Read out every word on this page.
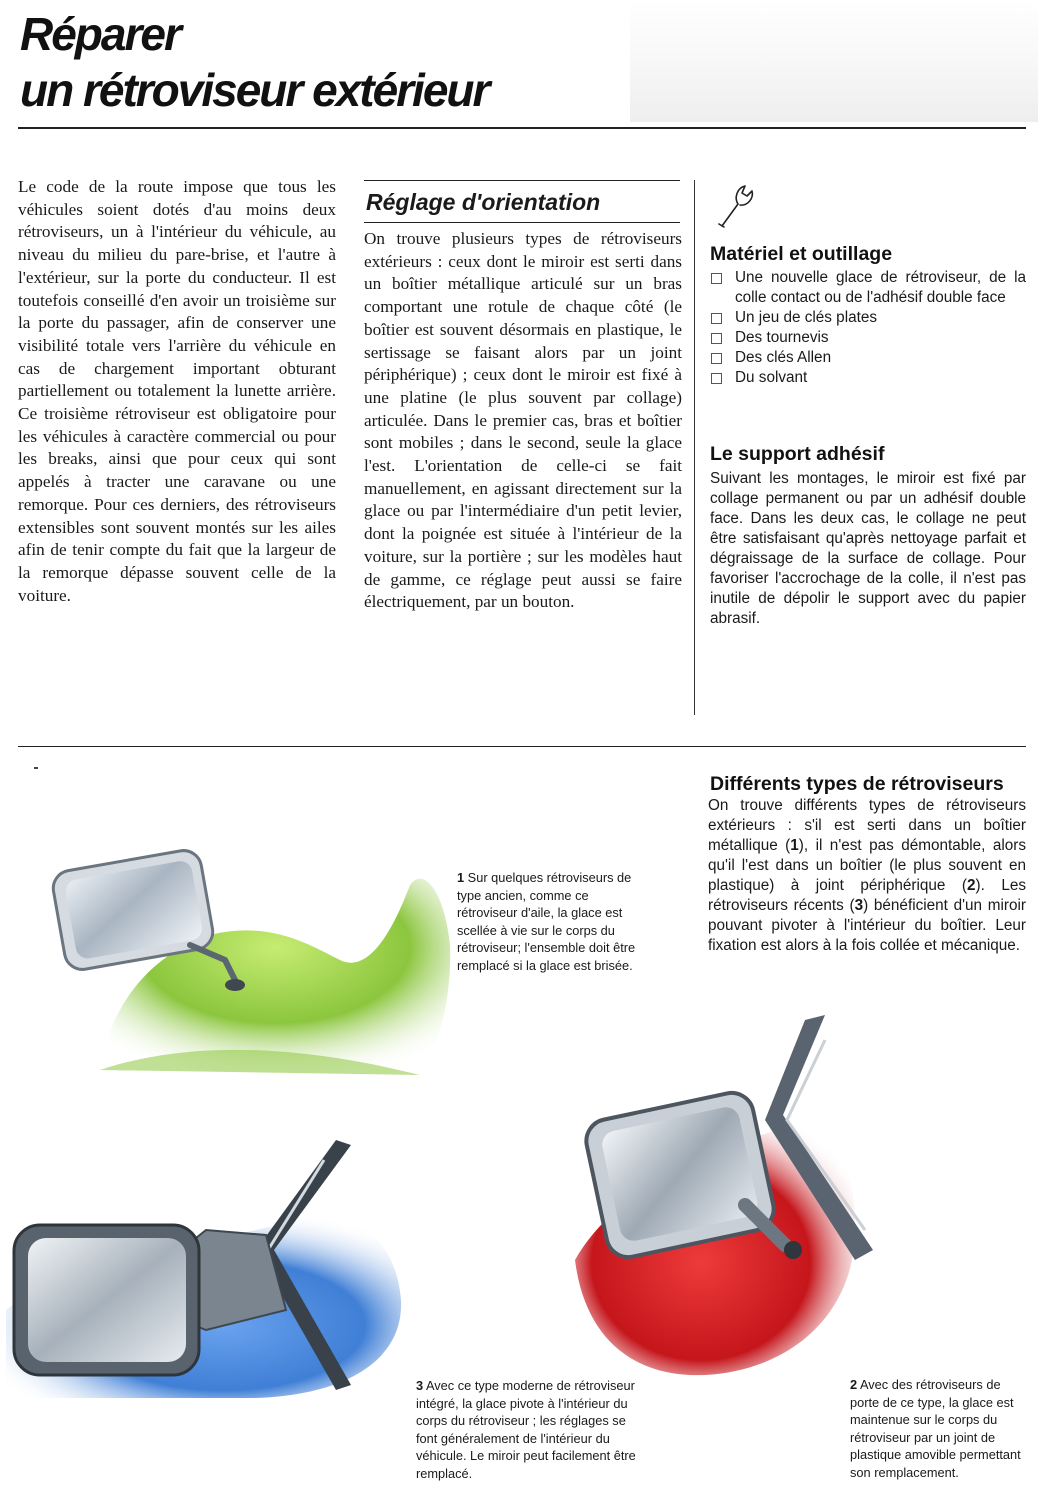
Réparer
un rétroviseur extérieur

Le code de la route impose que tous les véhicules soient dotés d'au moins deux rétroviseurs, un à l'intérieur du véhicule, au niveau du milieu du pare-brise, et l'autre à l'extérieur, sur la porte du conducteur. Il est toutefois conseillé d'en avoir un troisième sur la porte du passager, afin de conserver une visibilité totale vers l'arrière du véhicule en cas de chargement important obturant partiellement ou totalement la lunette arrière. Ce troisième rétroviseur est obligatoire pour les véhicules à caractère commercial ou pour les breaks, ainsi que pour ceux qui sont appelés à tracter une caravane ou une remorque. Pour ces derniers, des rétroviseurs extensibles sont souvent montés sur les ailes afin de tenir compte du fait que la largeur de la remorque dépasse souvent celle de la voiture.

Réglage d'orientation

On trouve plusieurs types de rétroviseurs extérieurs : ceux dont le miroir est serti dans un boîtier métallique articulé sur un bras comportant une rotule de chaque côté (le boîtier est souvent désormais en plastique, le sertissage se faisant alors par un joint périphérique) ; ceux dont le miroir est fixé à une platine (le plus souvent par collage) articulée. Dans le premier cas, bras et boîtier sont mobiles ; dans le second, seule la glace l'est. L'orientation de celle-ci se fait manuellement, en agissant directement sur la glace ou par l'intermédiaire d'un petit levier, dont la poignée est située à l'intérieur de la voiture, sur la portière ; sur les modèles haut de gamme, ce réglage peut aussi se faire électriquement, par un bouton.

Matériel et outillage
Une nouvelle glace de rétroviseur, de la colle contact ou de l'adhésif double face
Un jeu de clés plates
Des tournevis
Des clés Allen
Du solvant
Le support adhésif

Suivant les montages, le miroir est fixé par collage permanent ou par un adhésif double face. Dans les deux cas, le collage ne peut être satisfaisant qu'après nettoyage parfait et dégraissage de la surface de collage. Pour favoriser l'accrochage de la colle, il n'est pas inutile de dépolir le support avec du papier abrasif.

Différents types de rétroviseurs

On trouve différents types de rétroviseurs extérieurs : s'il est serti dans un boîtier métallique (1), il n'est pas démontable, alors qu'il l'est dans un boîtier (le plus souvent en plastique) à joint périphérique (2). Les rétroviseurs récents (3) bénéficient d'un miroir pouvant pivoter à l'intérieur du boîtier. Leur fixation est alors à la fois collée et mécanique.

1 Sur quelques rétroviseurs de type ancien, comme ce rétroviseur d'aile, la glace est scellée à vie sur le corps du rétroviseur; l'ensemble doit être remplacé si la glace est brisée.

3 Avec ce type moderne de rétroviseur intégré, la glace pivote à l'intérieur du corps du rétroviseur ; les réglages se font généralement de l'intérieur du véhicule. Le miroir peut facilement être remplacé.

2 Avec des rétroviseurs de porte de ce type, la glace est maintenue sur le corps du rétroviseur par un joint de plastique amovible permettant son remplacement.
